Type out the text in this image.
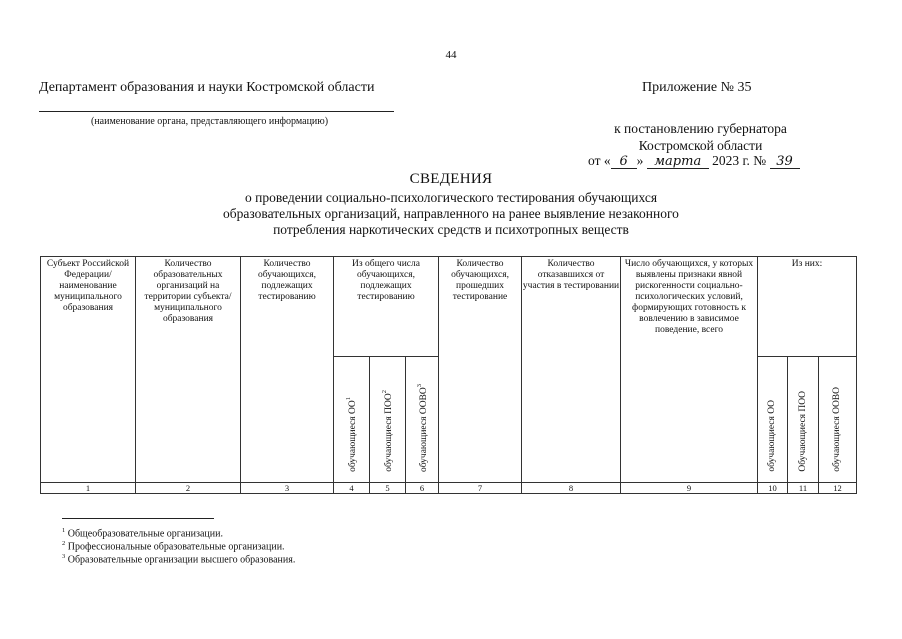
44
Департамент образования и науки Костромской области
(наименование органа, представляющего информацию)
Приложение № 35
к постановлению губернатора
Костромской области
от « 6 » марта 2023 г. № 39
СВЕДЕНИЯ
о проведении социально-психологического тестирования обучающихся
образовательных организаций, направленного на ранее выявление незаконного
потребления наркотических средств и психотропных веществ
Субъект Российской Федерации/ наименование муниципального образования	Количество образовательных организаций на территории субъекта/ муниципального образования	Количество обучающихся, подлежащих тестированию	Из общего числа обучающихся, подлежащих тестированию			Количество обучающихся, прошедших тестирование	Количество отказавшихся от участия в тестировании	Число обучающихся, у которых выявлены признаки явной рискогенности социально-психологических условий, формирующих готовность к вовлечению в зависимое поведение, всего	Из них:		
			обучающиеся $ОО^1$	обучающиеся ПОО$^2$	обучающиеся ООВО$^3$				обучающиеся ОО	Обучающиеся ПОО	обучающиеся ООВО
1	2	3	4	5	6	7	8	9	10	11	12
$^1$ Общеобразовательные организации.
$^2$ Профессиональные образовательные организации.
$^3$ Образовательные организации высшего образования.
